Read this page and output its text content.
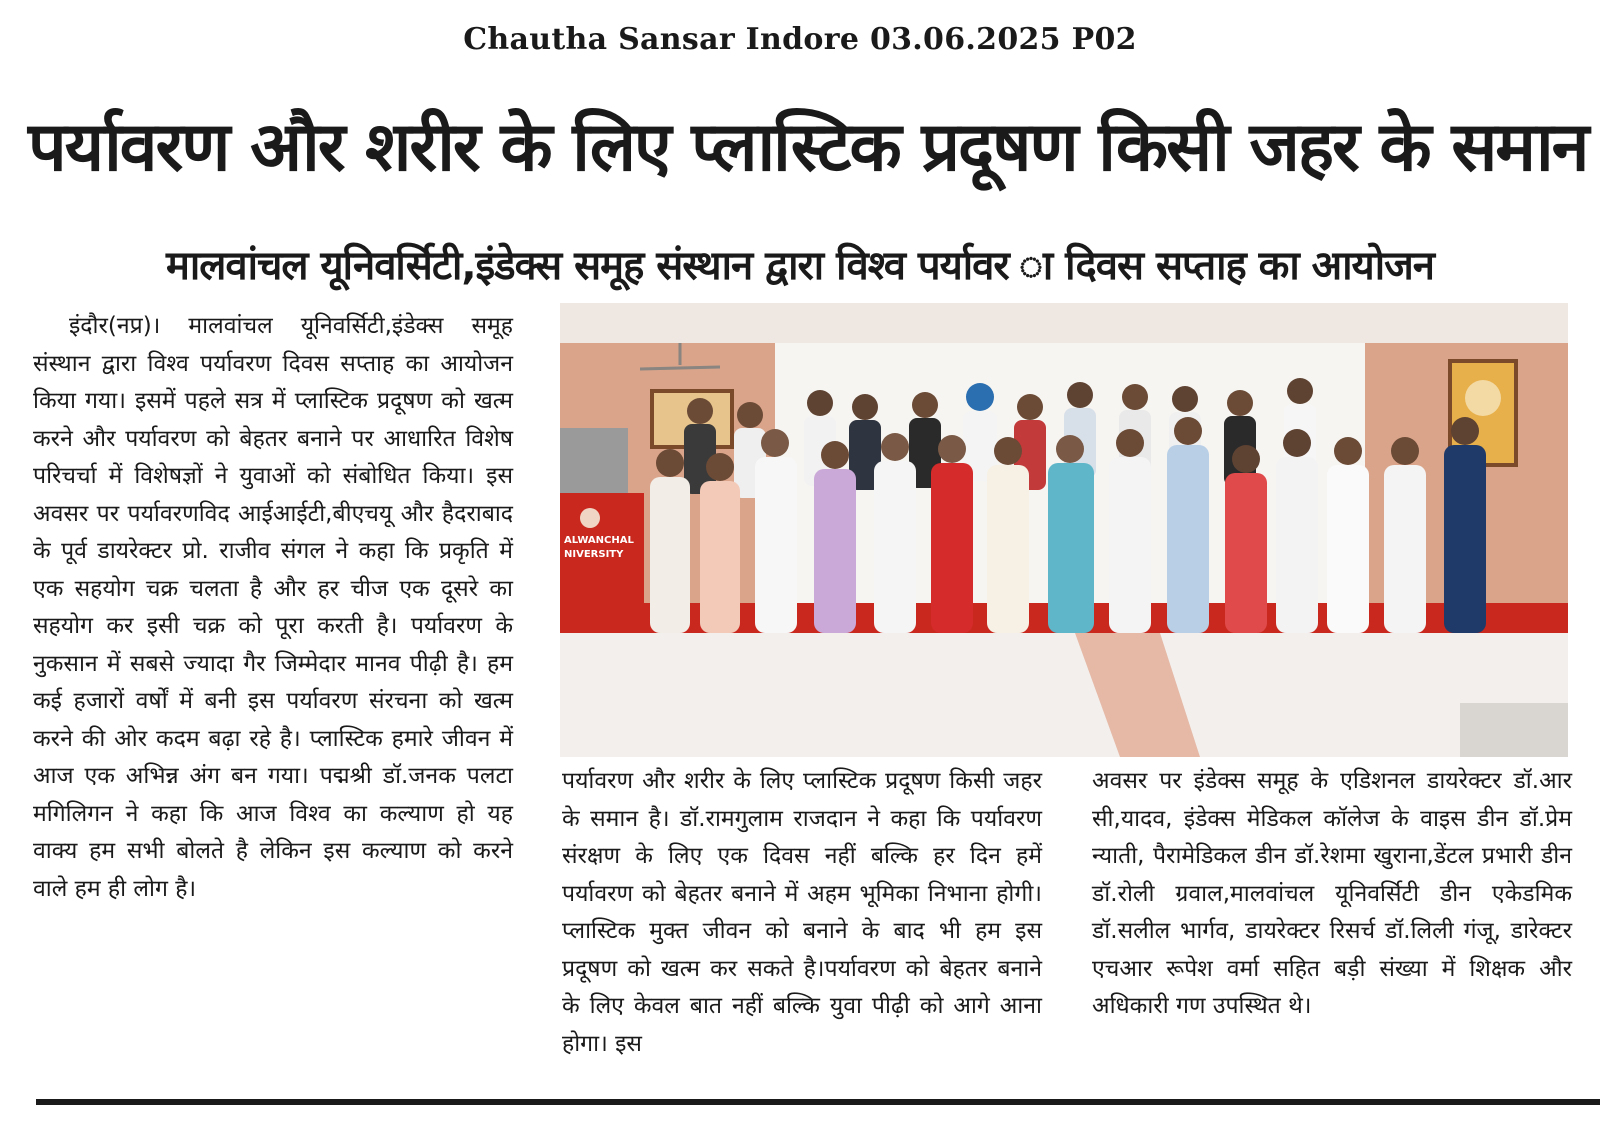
Chautha Sansar Indore 03.06.2025 P02
पर्यावरण और शरीर के लिए प्लास्टिक प्रदूषण किसी जहर के समान
मालवांचल यूनिवर्सिटी,इंडेक्स समूह संस्थान द्वारा विश्व पर्यावर ा दिवस सप्ताह का आयोजन
इंदौर(नप्र)। मालवांचल यूनिवर्सिटी,इंडेक्स समूह संस्थान द्वारा विश्व पर्यावरण दिवस सप्ताह का आयोजन किया गया। इसमें पहले सत्र में प्लास्टिक प्रदूषण को खत्म करने और पर्यावरण को बेहतर बनाने पर आधारित विशेष परिचर्चा में विशेषज्ञों ने युवाओं को संबोधित किया। इस अवसर पर पर्यावरणविद आईआईटी,बीएचयू और हैदराबाद के पूर्व डायरेक्टर प्रो. राजीव संगल ने कहा कि प्रकृति में एक सहयोग चक्र चलता है और हर चीज एक दूसरे का सहयोग कर इसी चक्र को पूरा करती है। पर्यावरण के नुकसान में सबसे ज्यादा गैर जिम्मेदार मानव पीढ़ी है। हम कई हजारों वर्षों में बनी इस पर्यावरण संरचना को खत्म करने की ओर कदम बढ़ा रहे है। प्लास्टिक हमारे जीवन में आज एक अभिन्न अंग बन गया। पद्मश्री डॉ.जनक पलटा मगिलिगन ने कहा कि आज विश्व का कल्याण हो यह वाक्य हम सभी बोलते है लेकिन इस कल्याण को करने वाले हम ही लोग है।
ALWANCHAL
NIVERSITY
पर्यावरण और शरीर के लिए प्लास्टिक प्रदूषण किसी जहर के समान है। डॉ.रामगुलाम राजदान ने कहा कि पर्यावरण संरक्षण के लिए एक दिवस नहीं बल्कि हर दिन हमें पर्यावरण को बेहतर बनाने में अहम भूमिका निभाना होगी। प्लास्टिक मुक्त जीवन को बनाने के बाद भी हम इस प्रदूषण को खत्म कर सकते है।पर्यावरण को बेहतर बनाने के लिए केवल बात नहीं बल्कि युवा पीढ़ी को आगे आना होगा। इस
अवसर पर इंडेक्स समूह के एडिशनल डायरेक्टर डॉ.आर सी,यादव, इंडेक्स मेडिकल कॉलेज के वाइस डीन डॉ.प्रेम न्याती, पैरामेडिकल डीन डॉ.रेशमा खुराना,डेंटल प्रभारी डीन डॉ.रोली ग्रवाल,मालवांचल यूनिवर्सिटी डीन एकेडमिक डॉ.सलील भार्गव, डायरेक्टर रिसर्च डॉ.लिली गंजू, डारेक्टर एचआर रूपेश वर्मा सहित बड़ी संख्या में शिक्षक और अधिकारी गण उपस्थित थे।
